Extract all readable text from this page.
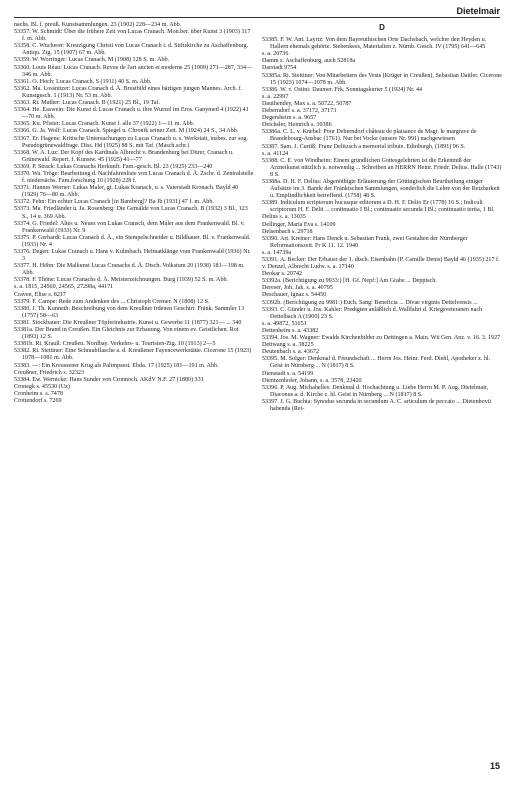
Dietelmair
nachs. Bl. f. preuß. Kunstsammlungen. 23 (1902) 228—234 m. Abb.
53357. W. Schmidt: Über die frühere Zeit von Lucas Cranach. Mon.ber. über Kunst 3 (1903) 117 f. m. Abb.
53358. C. Wucherer: Kreuzigung Christi von Lucas Cranach i. d. Stiftskirche zu Aschaffenburg. Antiqu. Ztg. 15 (1907) 67 m. Abb.
53359. W. Worringer: Lucas Cranach. M (1908) 128 S. m. Abb.
53360. Louis Réau: Lucas Cranach. Revue de l'art ancien et moderne 25 (1909) 271—287, 334—346 m. Abb.
53361. O. Hoch: Lucas Cranach. S (1911) 40 S. m. Abb.
53362. Ma. Lossnitzer: Lucas Cranach d. Ä. Brustbild eines bärtigen jungen Mannes. Arch. f. Kunstgesch. 1 (1913) Nr. 53 m. Abb.
53363. Ri. Muther: Lucas Cranach. B (1921) 25 Bl., 19 Taf.
53364. He. Easwein: Die Kunst d. Lucas Cranach u. ihre Wurzel im Eros. Ganymed 4 (1922) 41—70 m. Abb.
53365. Ku. Pfister: Lucas Cranach. Kunst f. alle 37 (1922) 1—11 m. Abb.
53366. G. Ja. Wolf: Lucas Cranach. Spiegel u. Chronik seiner Zeit. M (1924) 24 S., 34 Abb.
53367. Er. Hagens: Kritische Untersuchungen zu Lucas Cranach u. s. Werkstatt, insbes. zur sog. Pseudogrünewaldfrage. Diss. Hd (1925) 88 S. mit Taf. (Masch.schr.)
53368. W. A. Luz: Der Kopf des Kardinals Albrecht v. Brandenburg bei Dürer, Cranach u. Grünewald. Repert. f. Kunstw. 45 (1925) 41—77
53369. P. Strack: Lukas Cranachs Herkunft. Fam.-gesch. Bl. 23 (1925) 233—240
53370. Wa. Tröge: Bearbeitung d. Nachfahrenliste von Lucas Cranach d. Ä. Zschr. d. Zentralstelle f. niedersächs. Fam.forschung 10 (1928) 228 f.
53371. Hannes Werner: Lukas Maler, gt. Lukas Kranach, u. s. Vaterstadt Kronach. Bayld 40 (1929) 76—80 m. Abb.
53372. Fehn: Ein echter Lucas Cranach [in Bamberg]? Ba Jb (1931) 47 f. m. Abb.
53373. Ma. Friedländer u. Ja. Rosenberg: Die Gemälde von Lucas Cranach. B (1932) 3 Bl., 123 S., 14 u. 369 Abb.
53374. G. Friedel: Altes u. Neues von Lukas Cransch, dem Maler aus dem Frankenwald. Bl. v. Frankenwald (1933) Nr. 9
53375. P. Gerhardt: Lucas Cranach d. Ä., ein Stempelschneider u. Bildhauer. Bl. v. Frankenwald. (1933) Nr. 4
53376. Degen: Lukas Cranach u. Hans v. Kulmbach. Heimatklänge vom Frankenwald (1936) Nr. 3
53377. H. Höhn: Die Malkunst Lucas Cranachs d. Ä. Dtsch. Volkstum 20 (1938) 181—198 m. Abb.
53378. F. Thöne: Lucas Cranachs d. Ä. Meisterzeichnungen. Burg (1939) 52 S. m. Abb.
s. a. 1815, 24560, 24565, 27298a, 44171
Craven, Elise s. 8217
53379. F. Campe: Rede zum Andenken des ... Christoph Cremer. N (1808) 12 S.
53380. J. Th. Kunneth: Beschreibung von dem Kreußner irdenen Geschirr. Fränk. Sammler 13 (1757) 58—63
53381. Stockbauer: Die Kreußner Töpferindustrie. Kunst u. Gewerbe 11 (1877) 321— ... 340
53381a. Der Brand in Creußen. Ein Gleichnis zur Erbauung. Von einem ev. Geistlichen. Rot (1893) 12 S.
53381b. Ri. Krauß: Creußen. Nordbay. Verkehrs- u. Touristen-Ztg. 10 (1913) 2—5
53382. Ri. Stettiner: Eine Schraubflasche a. d. Kreußener Fayencewerkstätte. Cicerone 15 (1923) 1078—1081 m. Abb.
53383. —: Ein Kreussener Krug als Palimpsest. Ebda. 17 (1925) 181—191 m. Abb.
Creußner, Friedrich s. 32323
53384. Ew. Wernicke: Hans Sunder von Cronnoch. AKdV N.F. 27 (1880) 331
Cronegk s. 45530 (Uz)
Cronheim s. s. 7478
Crottendorf s. 7269
D
53385. F. W. Ant. Layriz: Von dem Bayreuthischen Orte Dachsbach, welcher den Heyden u. Hallern ehemals gehörte. Siebenkees, Materialien z. Nürnb. Gesch. IV (1795) 641—645
s. a. 20736
Damm s. Aschaffenburg, auch 52818a
Darstadt 9754
53385a. Ri. Stettiner: Von Mitarbeitern des Vests (Krüger in Creußen), Sebastian Dattler. Cicerone 15 (1923) 1074—1078 m. Abb.
53386. W. v. Ostini: Daumer. Frk. Sonntagskurier 5 (1924) Nr. 44
s. a. 22997
Dauthendey, Max s. a. 50722, 50787
Deberndorf s. a. 37172, 37173
Degersheim s. a. 9657
Deichsler, Heinrich s. 30386
53386a. C. L. v. Knebel: Pour Deberndorf château de plaisance de Msgr. le margrave de Brandebourg-Ansbac (1761). Nur bei Vocke (unsere Nr. 991) nachgewiesen
53387. Sam. J. Curtiß: Franz Delitzsch a memorial tribute. Edinburgh, (1891) 96 S.
s. a. 41124
53388. C. E. von Windheim: Einem gründlichen Gottesgelehrten ist die Erkentniß der Arzneikunst nützlich u. notwendig ... Schreiben an HERRN Heinr. Friedr. Delius. Halle (1743) 8 S.
53388a. D. H. F. Delius: Abgenöthigte Erläuterung der Göttingischen Beurtheilung einiger Aufsätze im 3. Bande der Fränkischen Sammlungen, sonderlich die Lehre von der Reizbarkeit u. Empfindlichkeit betreffend. (1758) 48 S.
53389. Indiculum scriptorum hucusque editorum a D. H. F. Delio Er (1778) 16 S.; Indiculi scriptorum H. F. Delii ... continuatio I Bl.; continuatio secunda I Bl.; continuatio tertia, 1 Bl.
Delius s. a. 13035
Dellinger, Maria Eva s. 14109
Delsenbach s. 29718
53390. Art. Kreiner: Hans Denck u. Sebastian Frank, zwei Gestalten der Nürnberger Reformationszeit. Fr K 11. 12. 1940
s. a. 14739a
53391. A. Becker: Der Erbauer der 1. dtsch. Eisenbahn (P. Camille Denis) Bayld 46 (1935) 217 f.
v. Denzel, Albrecht Ludw. s. a. 17140
Deokar s. 20742
53392a. (Berichtigung zu 9933:) [H. Gf. Nepf:] Am Grabe ... Deppisch.
Dereser, Joh. Jak. s. a. 40795
Deschauer, Ignaz s. 54450
53392b. (Berichtigung zu 9981:) Euch. Sang: Beneficia ... Divae virginis Dettelvensis ...
53393. C. Günder u. Jos. Kahler: Predigten anläßlich d. Wallfahrt d. Kriegsveteranen nach Dettelbach A (1900) 23 S.
s. a. 49872, 51651
Dettenheim s. a. 43382
53394. Jos. M. Wagner: Ewalds Kirchenbilder zu Dettingen a. Main. Wü Gen. Anz. v. 16. 3. 1927
Dettwang s. a. 38225
Deutenbach s. a. 43672
53395. M. Solger: Denkmal d. Freundschaft ... Herrn Jos. Heinr. Ferd. Diehl, Apotheker z. hl. Geist in Nürnberg ... N (1817) 8 S.
Dienstadt s. a. 54199
Dientzenhofer, Johann, s. a. 3578, 23420
53396. P. Aug. Michahelles: Denkmal d. Hochachtung u. Liebe Herrn M. P. Aug. Dietelmair, Diaconus a. d. Kirche z. hl. Geist in Nürnberg ... N (1817) 8 S.
53397. J. G. Buchta: Synodus secunda in secundum A. C. articulum de peccato ... Dietenhovii habenda (Rei-
15
